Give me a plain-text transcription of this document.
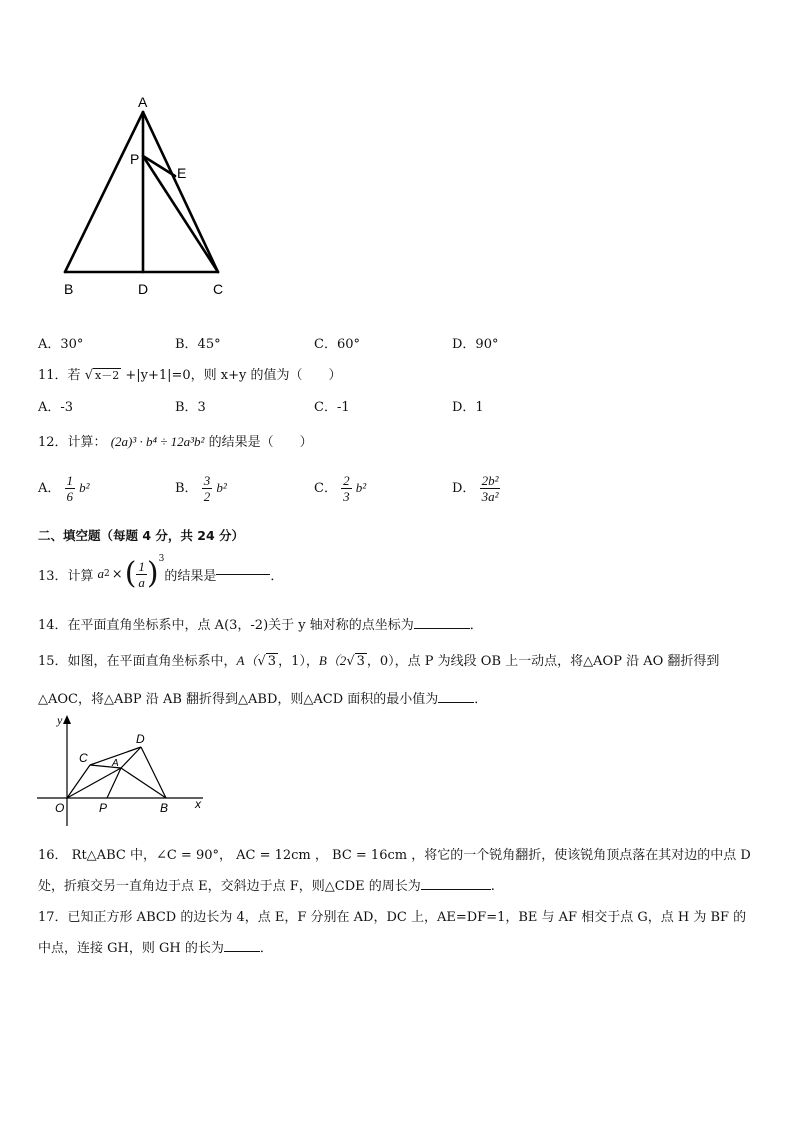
A
P
E
B	D	C
A．30°	B．45°	C．60°	D．90°
11．若 √ x－2 +|y+1|=0，则 x+y 的值为（　　）
A．-3	B．3	C．-1	D．1
12．计算： (2a)³ · b⁴ ÷ 12a³b² 的结果是（　　）
A． $\frac{1}{6} b^2$	B． $\frac{3}{2} b^2$	C． $\frac{2}{3} b^2$	D． $\frac{\text{2b²}}{\text{3a²}}$
二、填空题（每题 4 分，共 24 分）
13．计算 a 2 × ( $\frac{1}{a} )^3$
的结果是	．
14．在平面直角坐标系中，点 A(3，-2)关于 y 轴对称的点坐标为	．
15．如图，在平面直角坐标系中，A（√ 3 ，1），B（2√ 3 ，0），点 P 为线段 OB 上一动点，将△AOP 沿 AO 翻折得到
△AOC，将△ABP 沿 AB 翻折得到△ABD，则△ACD 面积的最小值为	．
y
x
O	P	B
C
D
A
16． Rt△ABC 中，∠C = 90°， AC = 12cm ， BC = 16cm ，将它的一个锐角翻折，使该锐角顶点落在其对边的中点 D
处，折痕交另一直角边于点 E，交斜边于点 F，则△CDE 的周长为	.
17．已知正方形 ABCD 的边长为 4，点 E，F 分别在 AD，DC 上，AE=DF=1，BE 与 AF 相交于点 G，点 H 为 BF 的
中点，连接 GH，则 GH 的长为	．
